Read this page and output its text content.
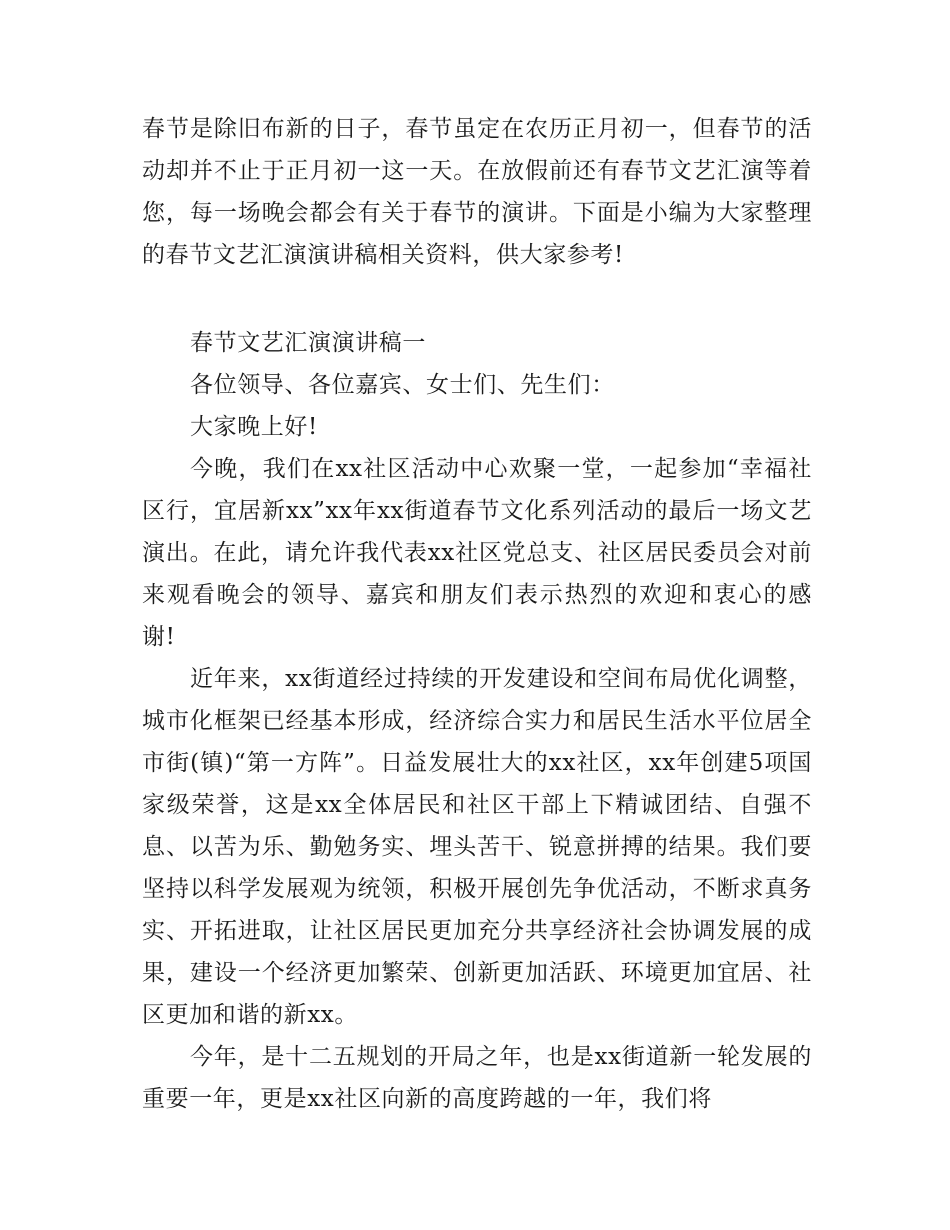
春节是除旧布新的日子，春节虽定在农历正月初一，但春节的活动却并不止于正月初一这一天。在放假前还有春节文艺汇演等着您，每一场晚会都会有关于春节的演讲。下面是小编为大家整理的春节文艺汇演演讲稿相关资料，供大家参考!

春节文艺汇演演讲稿一

各位领导、各位嘉宾、女士们、先生们：

大家晚上好!

今晚，我们在xx社区活动中心欢聚一堂，一起参加“幸福社区行，宜居新xx”xx年xx街道春节文化系列活动的最后一场文艺演出。在此，请允许我代表xx社区党总支、社区居民委员会对前来观看晚会的领导、嘉宾和朋友们表示热烈的欢迎和衷心的感谢!

近年来，xx街道经过持续的开发建设和空间布局优化调整，城市化框架已经基本形成，经济综合实力和居民生活水平位居全市街(镇)“第一方阵”。日益发展壮大的xx社区，xx年创建5项国家级荣誉，这是xx全体居民和社区干部上下精诚团结、自强不息、以苦为乐、勤勉务实、埋头苦干、锐意拼搏的结果。我们要坚持以科学发展观为统领，积极开展创先争优活动，不断求真务实、开拓进取，让社区居民更加充分共享经济社会协调发展的成果，建设一个经济更加繁荣、创新更加活跃、环境更加宜居、社区更加和谐的新xx。

今年，是十二五规划的开局之年，也是xx街道新一轮发展的重要一年，更是xx社区向新的高度跨越的一年，我们将
